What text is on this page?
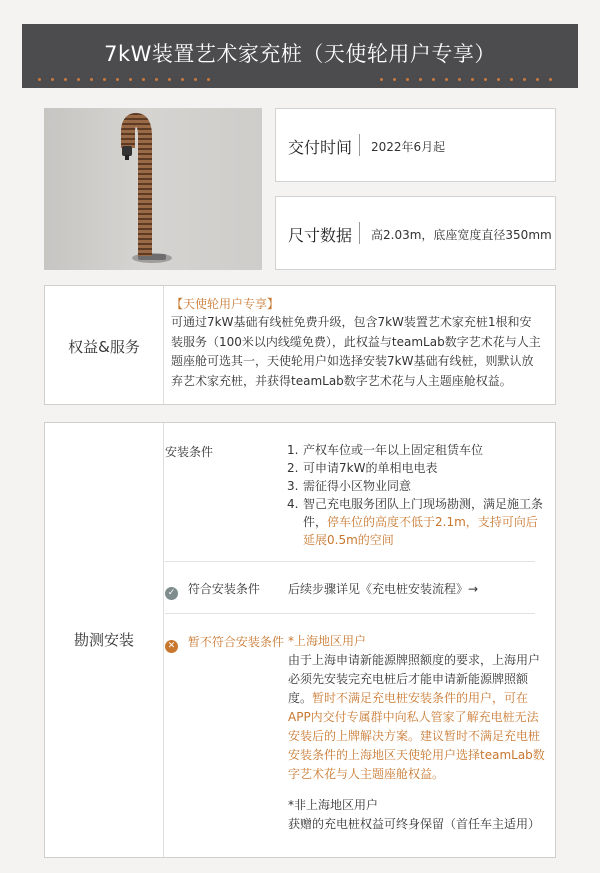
7kW装置艺术家充桩（天使轮用户专享）
交付时间 2022年6月起
尺寸数据 高2.03m，底座宽度直径350mm
权益&服务
【天使轮用户专享】
可通过7kW基础有线桩免费升级，包含7kW装置艺术家充桩1根和安装服务（100米以内线缆免费），此权益与teamLab数字艺术花与人主题座舱可选其一，天使轮用户如选择安装7kW基础有线桩，则默认放弃艺术家充桩，并获得teamLab数字艺术花与人主题座舱权益。
勘测安装
安装条件	1. 产权车位或一年以上固定租赁车位
2. 可申请7kW的单相电电表
3. 需征得小区物业同意
4. 智己充电服务团队上门现场勘测，满足施工条件，停车位的高度不低于2.1m，支持可向后延展0.5m的空间
✓ 符合安装条件 后续步骤详见《充电桩安装流程》→
✕ 暂不符合安装条件 *上海地区用户
由于上海申请新能源牌照额度的要求，上海用户必须先安装完充电桩后才能申请新能源牌照额度。暂时不满足充电桩安装条件的用户，可在APP内交付专属群中向私人管家了解充电桩无法安装后的上牌解决方案。建议暂时不满足充电桩安装条件的上海地区天使轮用户选择teamLab数字艺术花与人主题座舱权益。
*非上海地区用户
获赠的充电桩权益可终身保留（首任车主适用）
